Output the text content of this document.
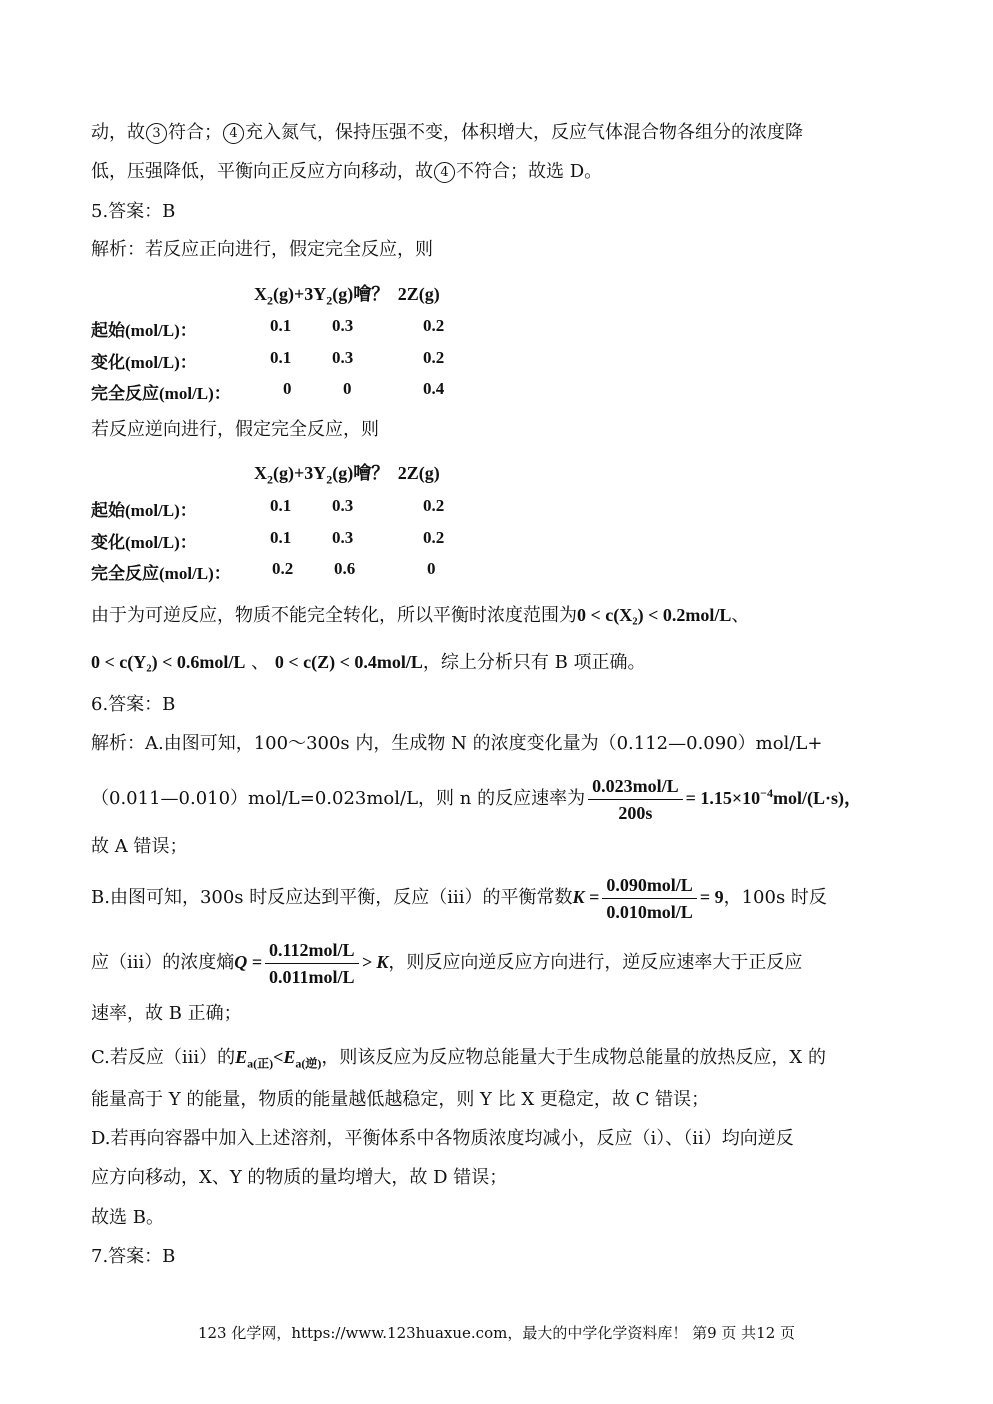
动，故 3 符合； 4 充入氮气，保持压强不变，体积增大，反应气体混合物各组分的浓度降
低，压强降低，平衡向正反应方向移动，故 4 不符合；故选 D。
5.答案：B
解析：若反应正向进行，假定完全反应，则
$X_2(g)+3Y_2(g)$噲？ 2Z(g)
起始(mol/L)：	0.1 0.3	0.2
变化(mol/L)：	0.1 0.3	0.2
完全反应(mol/L)：	0	0	0.4
若反应逆向进行，假定完全反应，则
$X_2(g)+3Y_2(g)$噲？ 2Z(g)
起始(mol/L)：	0.1 0.3	0.2
变化(mol/L)：	0.1 0.3	0.2
完全反应(mol/L)： 0.2 0.6	0
由于为可逆反应，物质不能完全转化，所以平衡时浓度范围为0 < c(X₂) < 0.2mol/L、
0 < c(Y₂) < 0.6mol/L 、 0 < c(Z) < 0.4mol/L，综上分析只有 B 项正确。
6.答案：B
解析：A.由图可知，100～300s 内，生成物 N 的浓度变化量为（0.112—0.090）mol/L+
（0.011—0.010）mol/L=0.023mol/L，则 n 的反应速率为 $\frac{\text{0.023mol/L}}{200s} = 1.15\times 10^{-4}mol/(L\cdot s)$，
故 A 错误；
B.由图可知，300s 时反应达到平衡，反应（iii）的平衡常数$K = \frac{\text{0.090mol/L}}{\text{0.010mol/L}} = 9$，100s 时反
应（iii）的浓度熵$Q = \frac{\text{0.112mol/L}}{\text{0.011mol/L}} > K$，则反应向逆反应方向进行，逆反应速率大于正反应
速率，故 B 正确；
C.若反应（iii）的$E_{a(正)}<E_{a(逆)}$，则该反应为反应物总能量大于生成物总能量的放热反应，X 的
能量高于 Y 的能量，物质的能量越低越稳定，则 Y 比 X 更稳定，故 C 错误；
D.若再向容器中加入上述溶剂，平衡体系中各物质浓度均减小，反应（i）、（ii）均向逆反
应方向移动，X、Y 的物质的量均增大，故 D 错误；
故选 B。
7.答案：B
123 化学网，https://www.123huaxue.com，最大的中学化学资料库！ 第9 页 共12 页
